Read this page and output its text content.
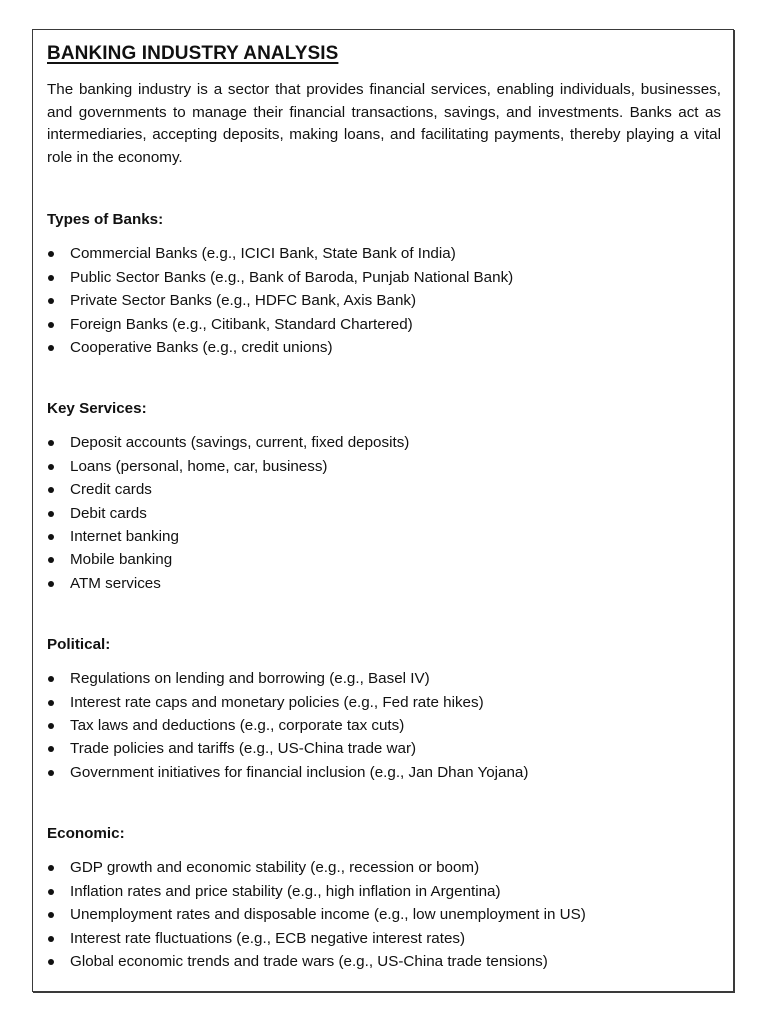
BANKING INDUSTRY ANALYSIS

The banking industry is a sector that provides financial services, enabling individuals, businesses, and governments to manage their financial transactions, savings, and investments. Banks act as intermediaries, accepting deposits, making loans, and facilitating payments, thereby playing a vital role in the economy.

Types of Banks:
Commercial Banks (e.g., ICICI Bank, State Bank of India)
Public Sector Banks (e.g., Bank of Baroda, Punjab National Bank)
Private Sector Banks (e.g., HDFC Bank, Axis Bank)
Foreign Banks (e.g., Citibank, Standard Chartered)
Cooperative Banks (e.g., credit unions)
Key Services:
Deposit accounts (savings, current, fixed deposits)
Loans (personal, home, car, business)
Credit cards
Debit cards
Internet banking
Mobile banking
ATM services
Political:
Regulations on lending and borrowing (e.g., Basel IV)
Interest rate caps and monetary policies (e.g., Fed rate hikes)
Tax laws and deductions (e.g., corporate tax cuts)
Trade policies and tariffs (e.g., US-China trade war)
Government initiatives for financial inclusion (e.g., Jan Dhan Yojana)
Economic:
GDP growth and economic stability (e.g., recession or boom)
Inflation rates and price stability (e.g., high inflation in Argentina)
Unemployment rates and disposable income (e.g., low unemployment in US)
Interest rate fluctuations (e.g., ECB negative interest rates)
Global economic trends and trade wars (e.g., US-China trade tensions)
